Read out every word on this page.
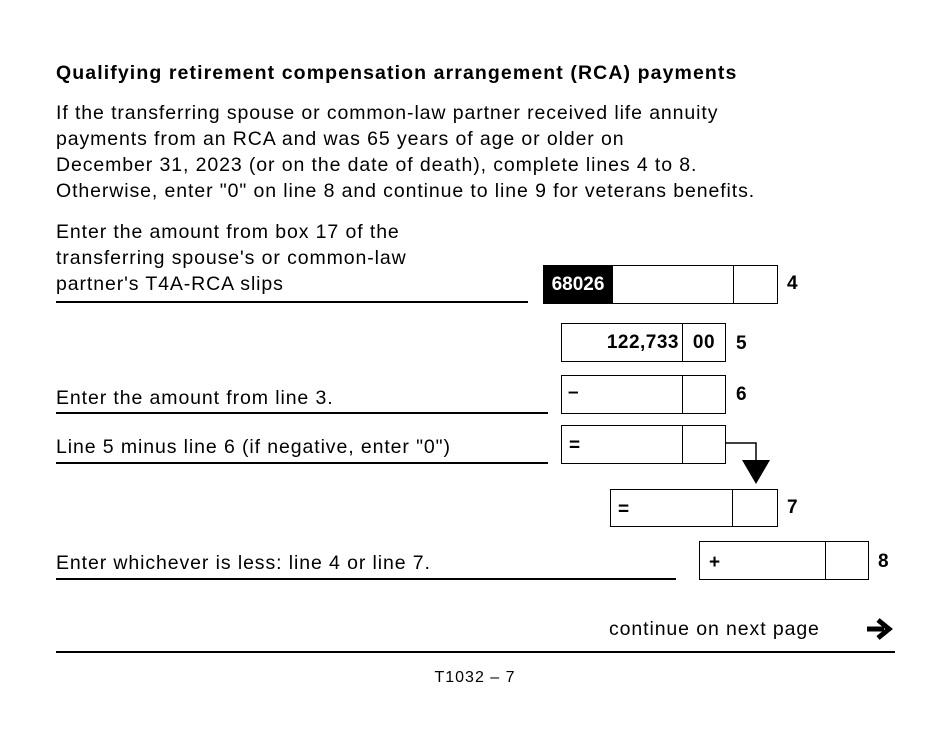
Qualifying retirement compensation arrangement (RCA) payments
If the transferring spouse or common-law partner received life annuity
payments from an RCA and was 65 years of age or older on
December 31, 2023 (or on the date of death), complete lines 4 to 8.
Otherwise, enter "0" on line 8 and continue to line 9 for veterans benefits.
Enter the amount from box 17 of the
transferring spouse's or common-law
partner's T4A-RCA slips	68026	4
122,733 00	5
Enter the amount from line 3.	–	6
Line 5 minus line 6 (if negative, enter "0")	=
=	7
Enter whichever is less: line 4 or line 7.	+	8
continue on next page
T1032 – 7
